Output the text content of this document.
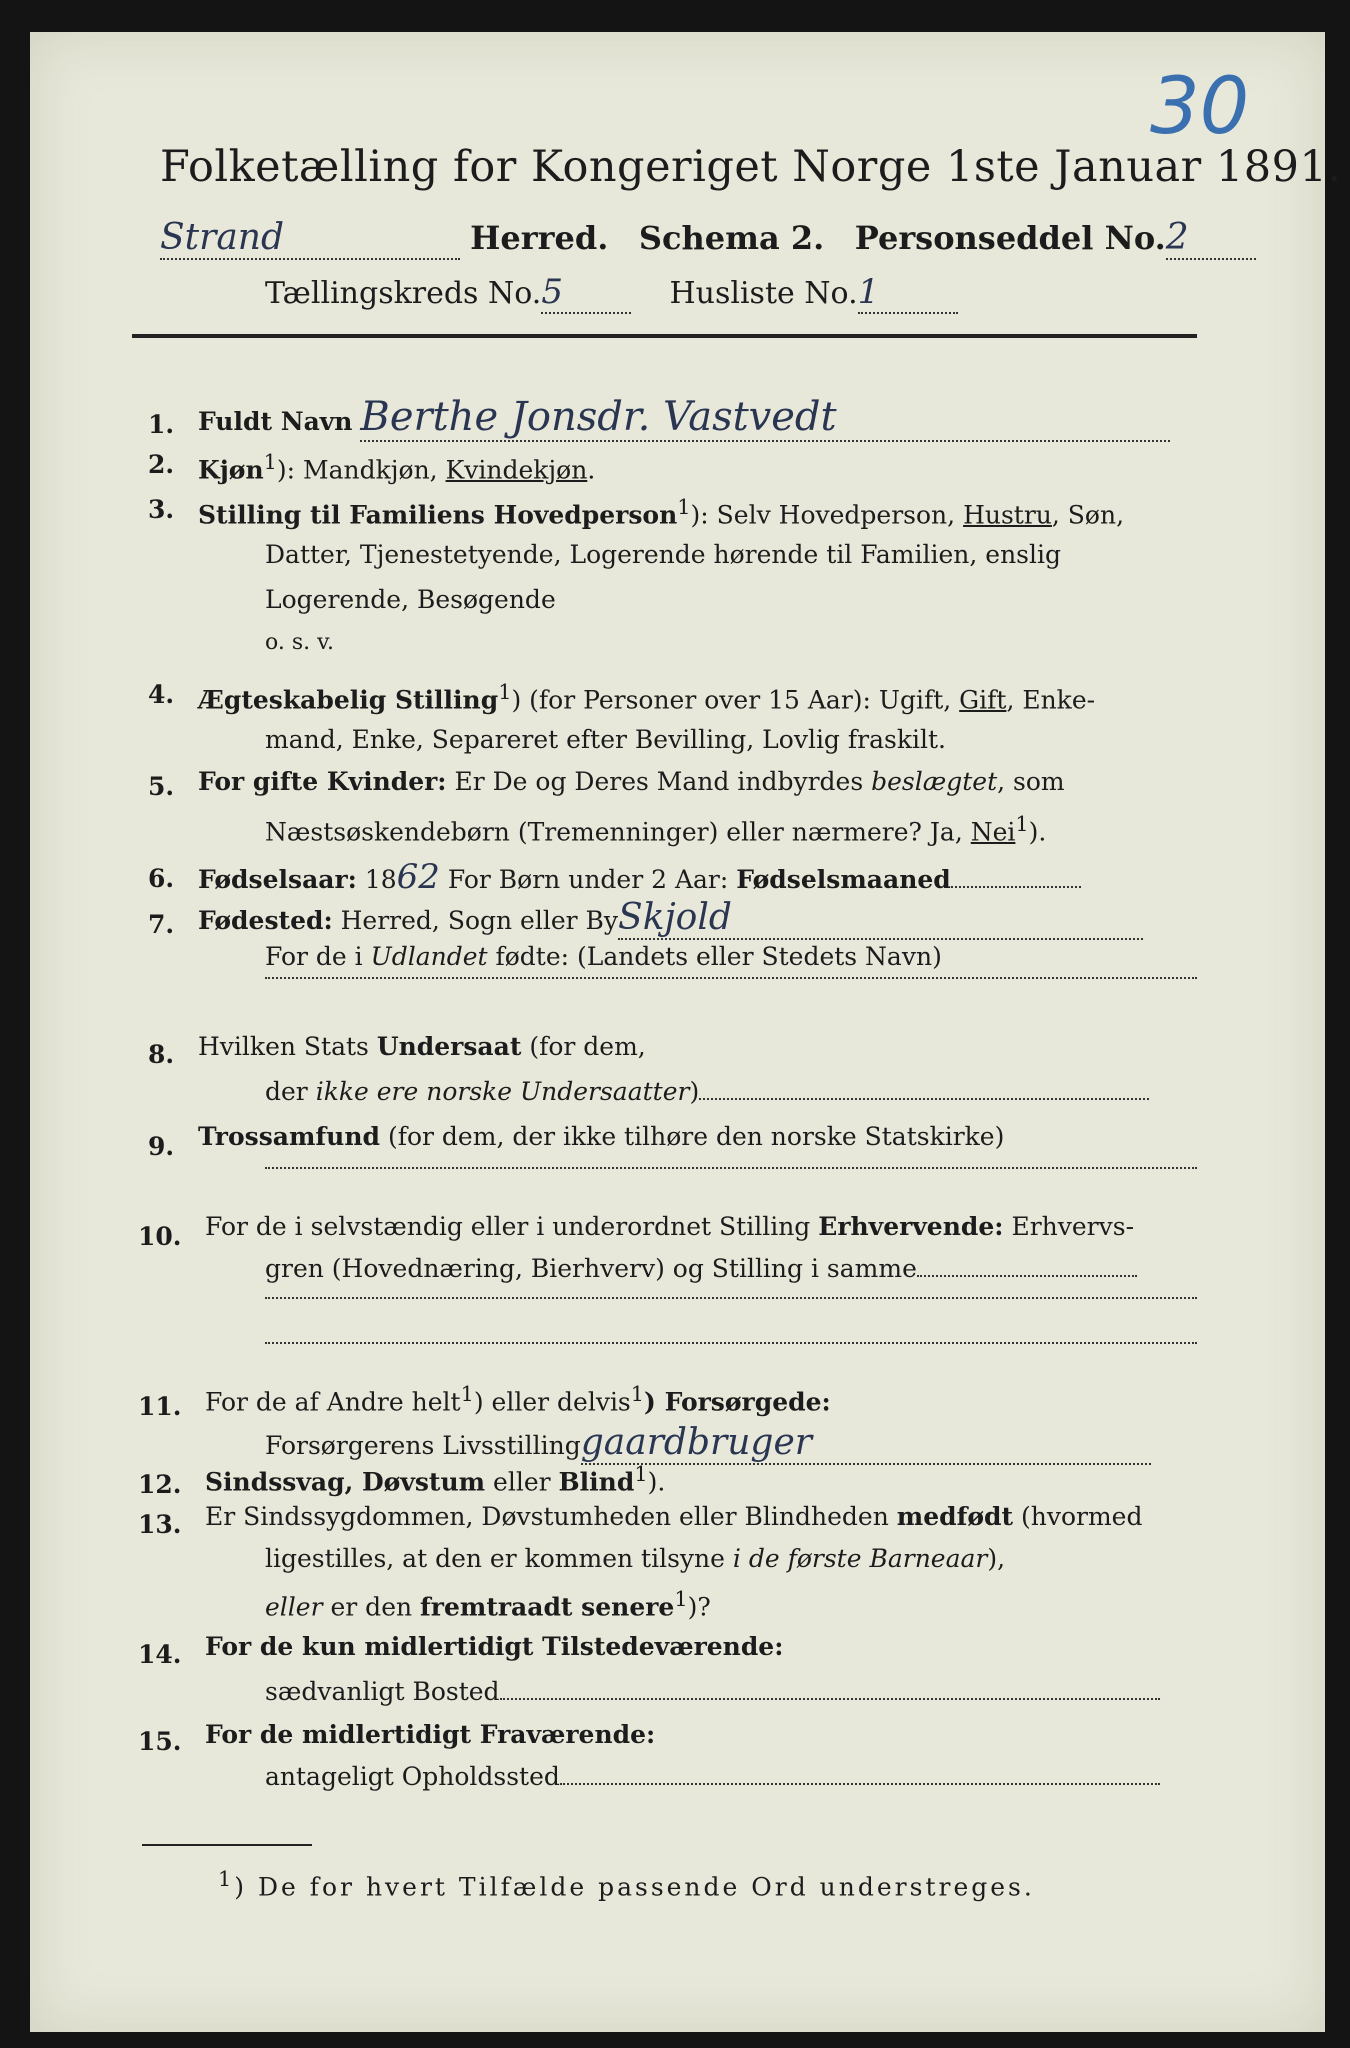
30
Folketælling for Kongeriget Norge 1ste Januar 1891.
Strand	Herred. Schema 2. Personseddel No.2
Tællingskreds No.5	Husliste No.1
1. Fuldt Navn Berthe Jonsdr. Vastvedt
2. Kjøn$^1$): Mandkjøn, Kvindekjøn.
3. Stilling til Familiens Hovedperson$^1$): Selv Hovedperson, Hustru, Søn,
Datter, Tjenestetyende, Logerende hørende til Familien, enslig
Logerende, Besøgende
o. s. v.
4. Ægteskabelig Stilling$^1$) (for Personer over 15 Aar): Ugift, Gift, Enke-
mand, Enke, Separeret efter Bevilling, Lovlig fraskilt.
5. For gifte Kvinder: Er De og Deres Mand indbyrdes beslægtet, som
Næstsøskendebørn (Tremenninger) eller nærmere? Ja, Nei$^1$).
6. Fødselsaar: 1862 For Børn under 2 Aar: Fødselsmaaned
7. Fødested: Herred, Sogn eller BySkjold
For de i Udlandet fødte: (Landets eller Stedets Navn)
8. Hvilken Stats Undersaat (for dem,
der ikke ere norske Undersaatter)
9. Trossamfund (for dem, der ikke tilhøre den norske Statskirke)
10. For de i selvstændig eller i underordnet Stilling Erhvervende: Erhvervs-
gren (Hovednæring, Bierhverv) og Stilling i samme
11. For de af Andre helt$^1$) eller delvis$^1$) Forsørgede:
Forsørgerens Livsstillinggaardbruger
12. Sindssvag, Døvstum eller Blind$^1$).
13. Er Sindssygdommen, Døvstumheden eller Blindheden medfødt (hvormed
ligestilles, at den er kommen tilsyne i de første Barneaar),
eller er den fremtraadt senere$^1$)?
14. For de kun midlertidigt Tilstedeværende:
sædvanligt Bosted
15. For de midlertidigt Fraværende:
antageligt Opholdssted
$^1$) De for hvert Tilfælde passende Ord understreges.
